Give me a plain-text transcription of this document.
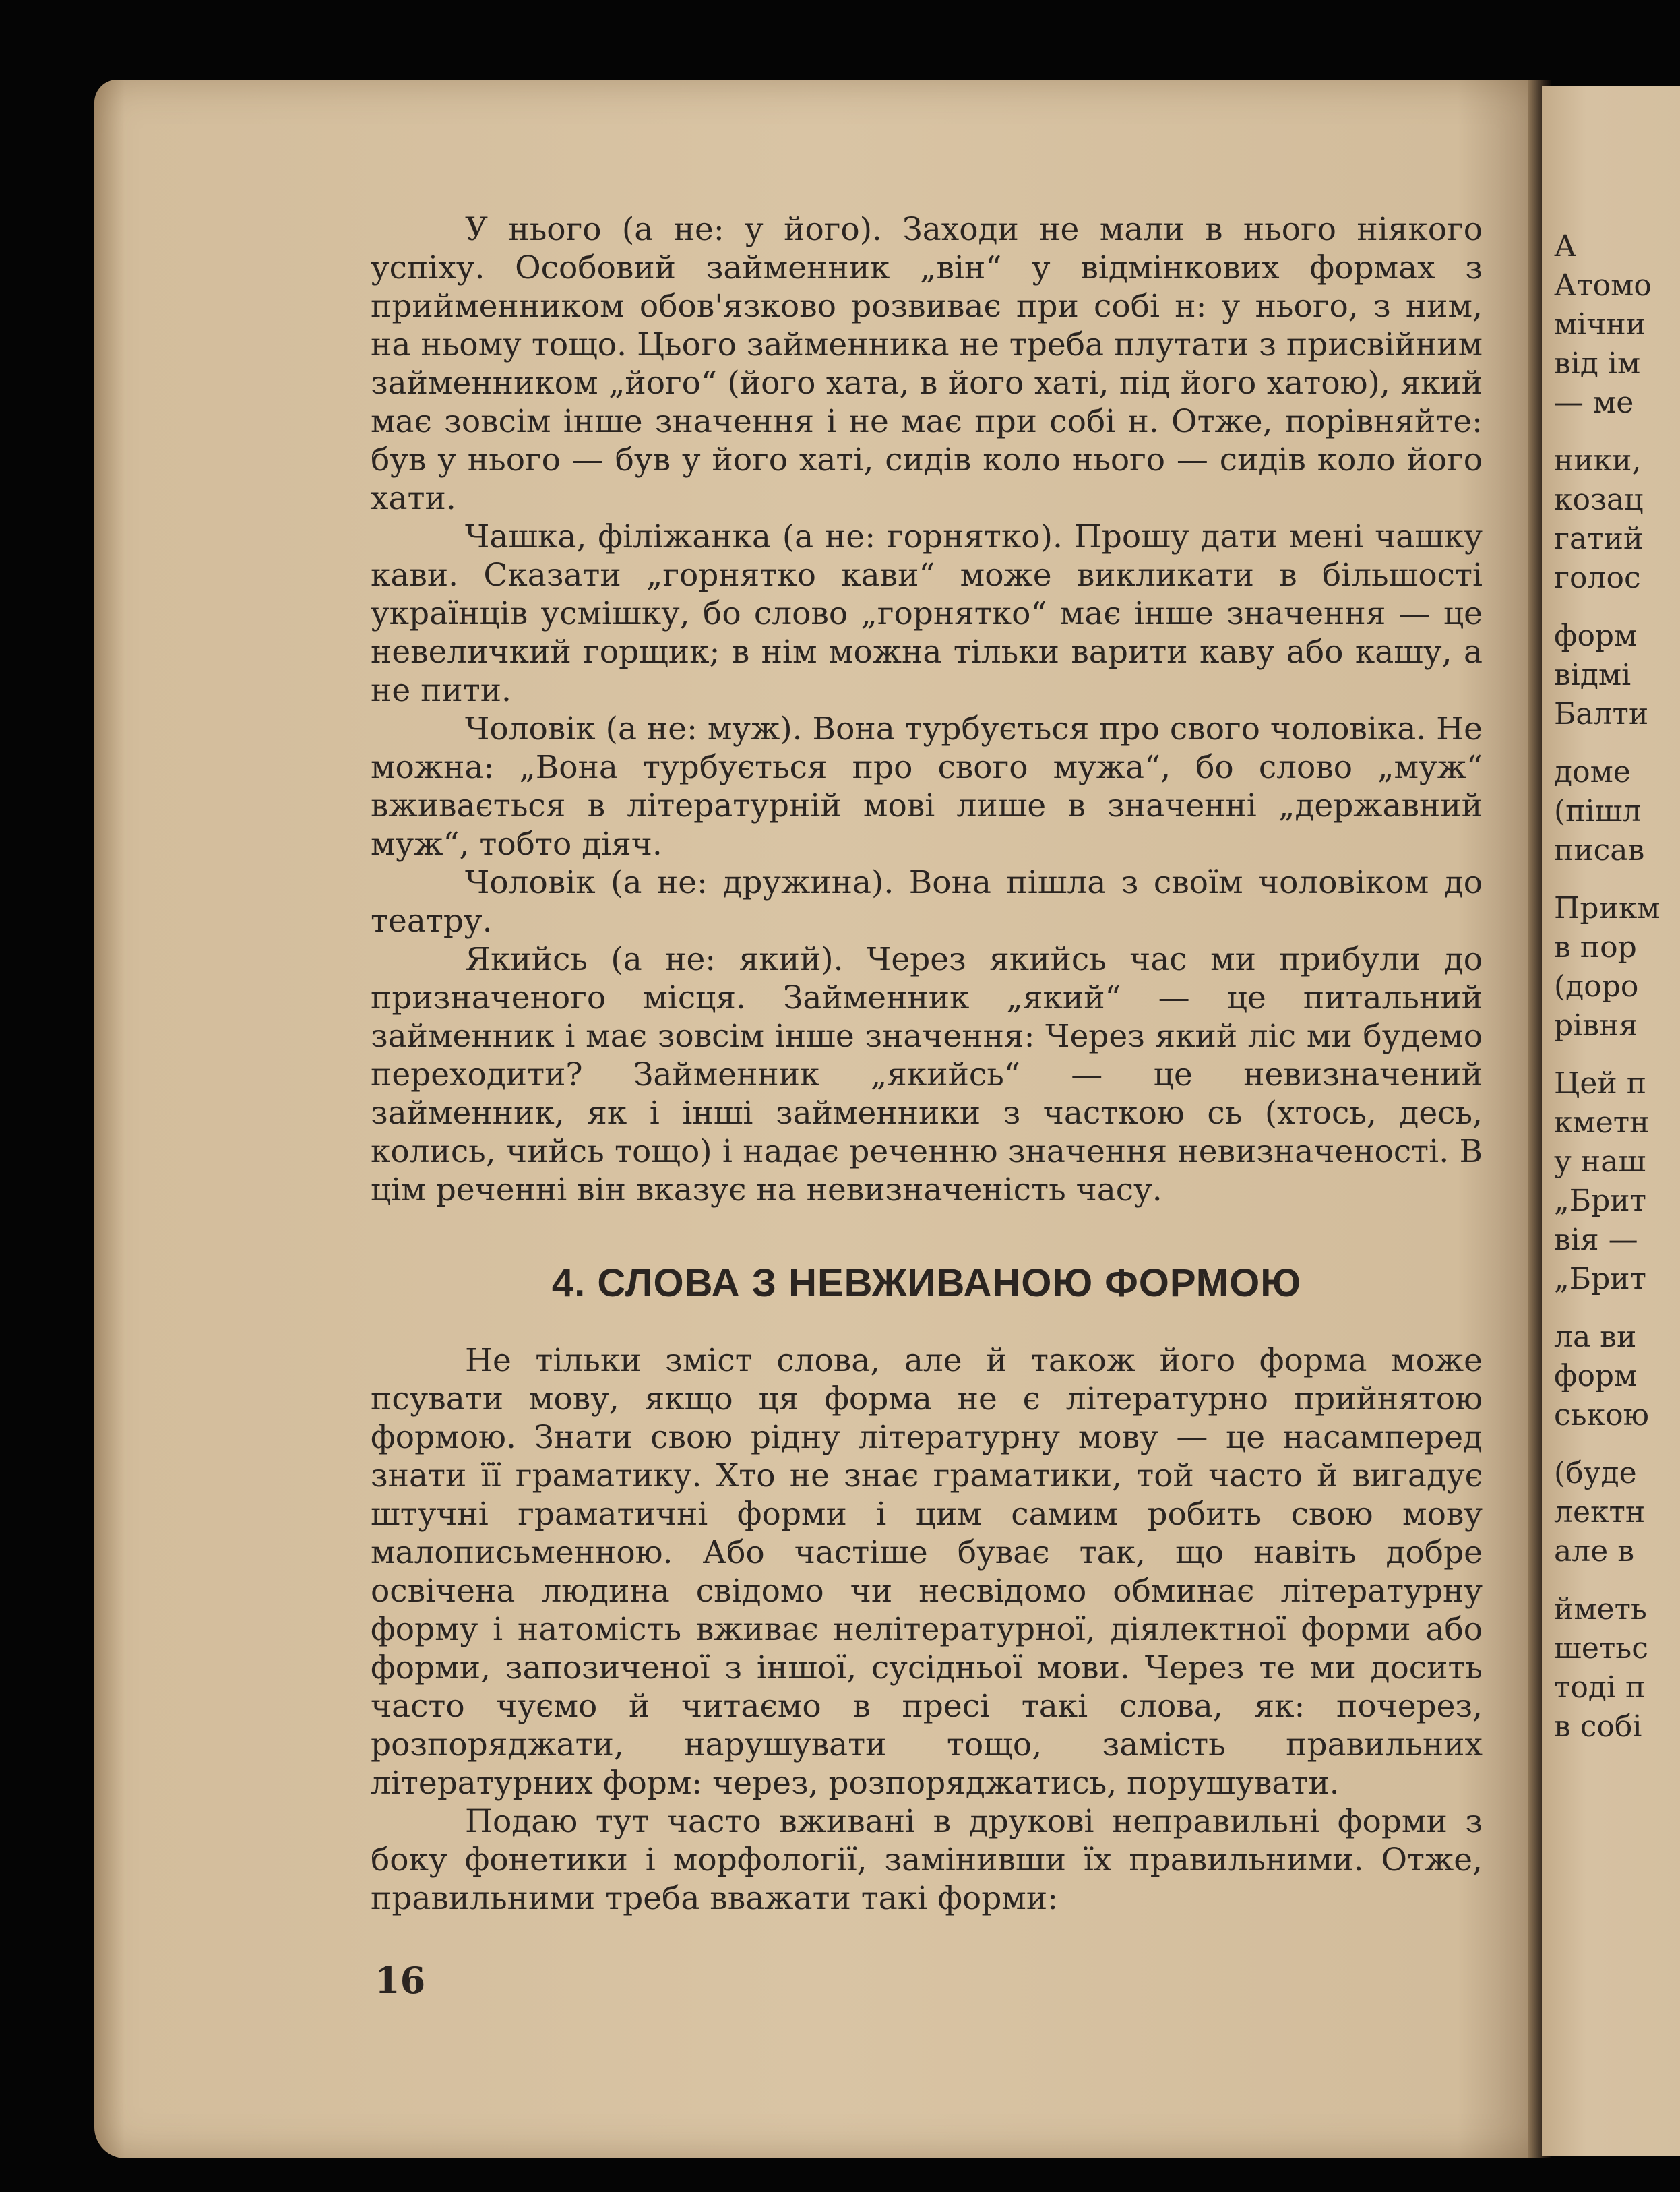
У нього (а не: у його). Заходи не мали в нього ніякого успіху. Особовий займенник „він“ у відмінкових формах з прийменником обов'язково розвиває при собі н: у нього, з ним, на ньому тощо. Цього займенника не треба плутати з присвійним займенником „його“ (його хата, в його хаті, під його хатою), який має зовсім інше значення і не має при собі н. Отже, порівняйте: був у нього — був у його хаті, сидів коло нього — сидів коло його хати.

Чашка, філіжанка (а не: горнятко). Прошу дати мені чашку кави. Сказати „горнятко кави“ може викликати в більшості українців усмішку, бо слово „горнятко“ має інше значення — це невеличкий горщик; в нім можна тільки варити каву або кашу, а не пити.

Чоловік (а не: муж). Вона турбується про свого чоловіка. Не можна: „Вона турбується про свого мужа“, бо слово „муж“ вживається в літературній мові лише в значенні „державний муж“, тобто діяч.

Чоловік (а не: дружина). Вона пішла з своїм чоловіком до театру.

Якийсь (а не: який). Через якийсь час ми прибули до призначеного місця. Займенник „який“ — це питальний займенник і має зовсім інше значення: Через який ліс ми будемо переходити? Займенник „якийсь“ — це невизначений займенник, як і інші займенники з часткою сь (хтось, десь, колись, чийсь тощо) і надає реченню значення невизначеності. В цім реченні він вказує на невизначеність часу.

4. СЛОВА З НЕВЖИВАНОЮ ФОРМОЮ

Не тільки зміст слова, але й також його форма може псувати мову, якщо ця форма не є літературно прийнятою формою. Знати свою рідну літературну мову — це насамперед знати її граматику. Хто не знає граматики, той часто й вигадує штучні граматичні форми і цим самим робить свою мову малописьменною. Або частіше буває так, що навіть добре освічена людина свідомо чи несвідомо обминає літературну форму і натомість вживає нелітературної, діялектної форми або форми, запозиченої з іншої, сусідньої мови. Через те ми досить часто чуємо й читаємо в пресі такі слова, як: почерез, розпоряджати, нарушувати тощо, замість правильних літературних форм: через, розпоряджатись, порушувати.

Подаю тут часто вживані в друкові неправильні форми з боку фонетики і морфології, замінивши їх правильними. Отже, правильними треба вважати такі форми:

16
А
Атомо
мічни
від ім
— ме
ники,
козац
гатий
голос
форм
відмі
Балти
доме
(пішл
писав
Прикм
в пор
(доро
рівня
Цей п
кметн
у наш
„Брит
вія —
„Брит
ла ви
форм
ською
(буде
лектн
але в
йметь
шетьс
тоді п
в собі
